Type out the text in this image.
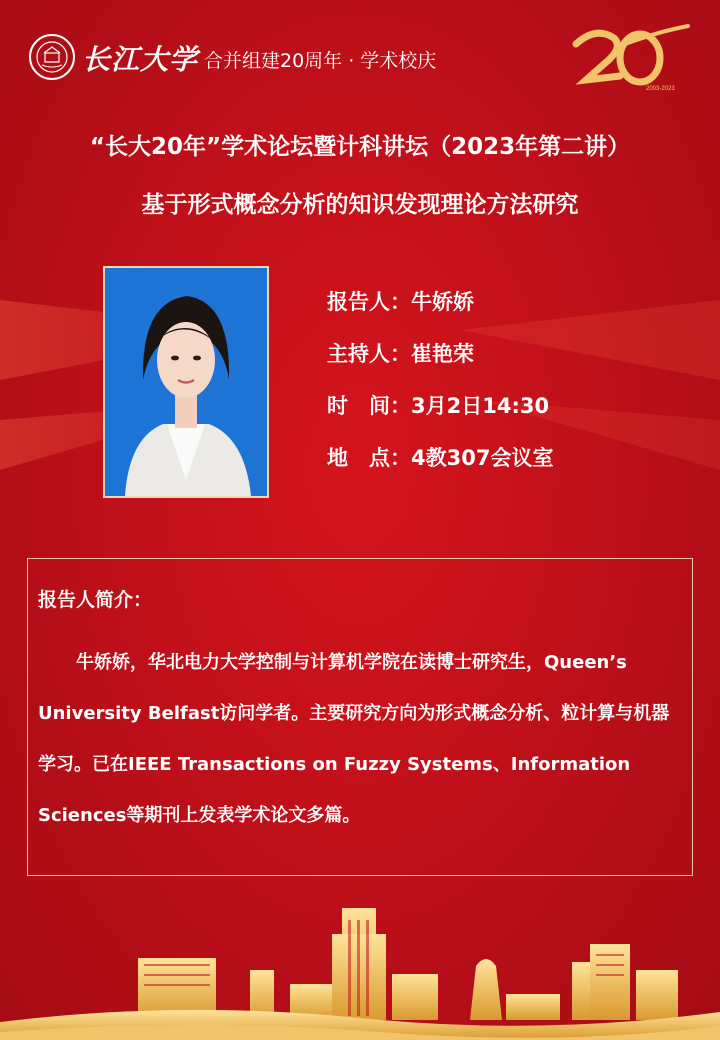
长江大学 合并组建20周年 · 学术校庆
2003-2023
“长大20年”学术论坛暨计科讲坛（2023年第二讲）
基于形式概念分析的知识发现理论方法研究
报告人：牛娇娇
主持人：崔艳荣
时　间：3月2日14:30
地　点：4教307会议室
报告人简介：

牛娇娇，华北电力大学控制与计算机学院在读博士研究生，Queen’s University Belfast访问学者。主要研究方向为形式概念分析、粒计算与机器学习。已在IEEE Transactions on Fuzzy Systems、Information Sciences等期刊上发表学术论文多篇。
